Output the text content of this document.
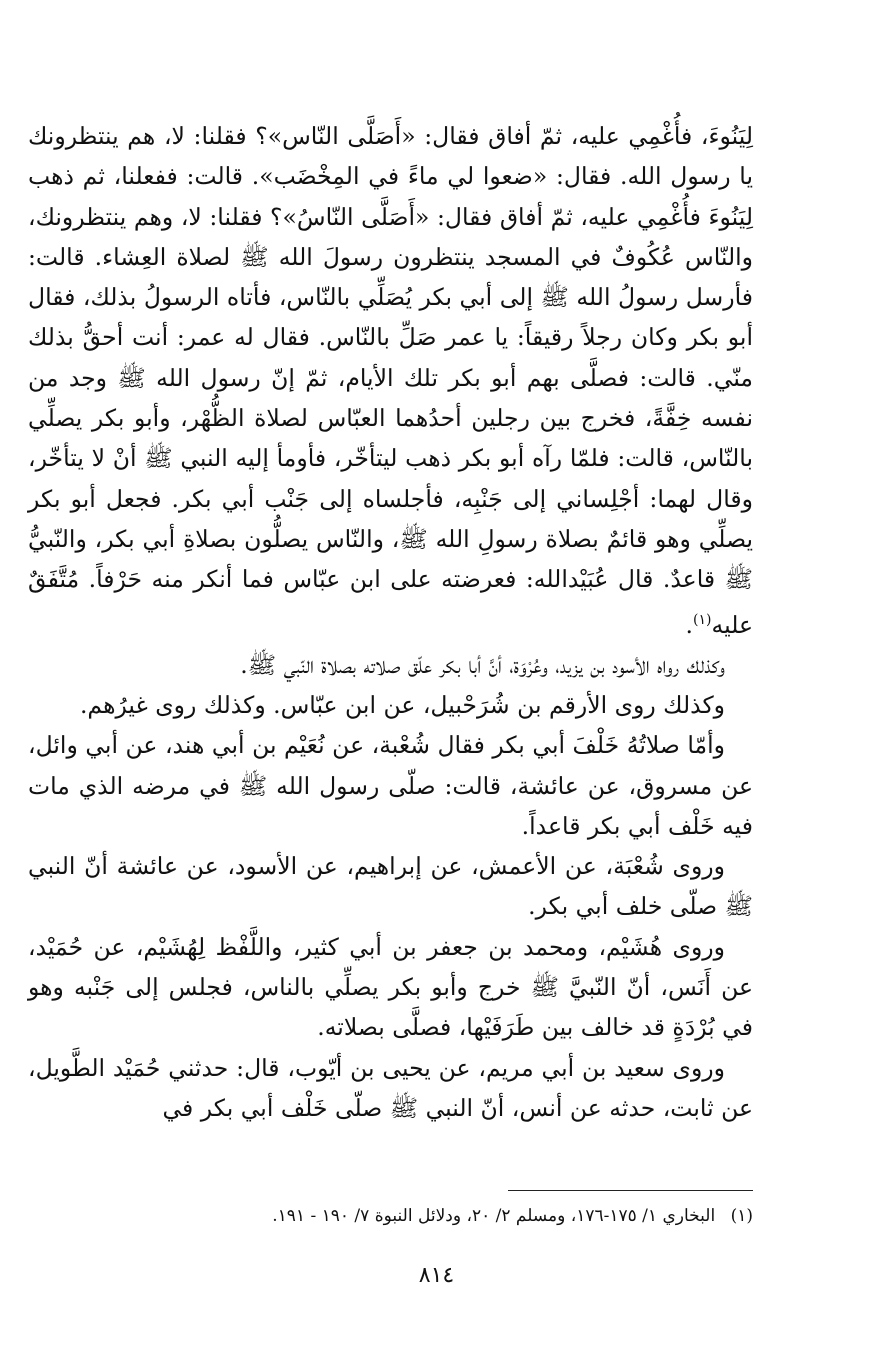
لِيَنُوءَ، فأُغْمِي عليه، ثمّ أفاق فقال: «أَصَلَّى النّاس»؟ فقلنا: لا، هم ينتظرونك يا رسول الله. فقال: «ضعوا لي ماءً في المِخْضَب». قالت: ففعلنا، ثم ذهب لِيَنُوءَ فأُغْمِي عليه، ثمّ أفاق فقال: «أَصَلَّى النّاسُ»؟ فقلنا: لا، وهم ينتظرونك، والنّاس عُكُوفٌ في المسجد ينتظرون رسولَ الله ﷺ لصلاة العِشاء. قالت: فأرسل رسولُ الله ﷺ إلى أبي بكر يُصَلِّي بالنّاس، فأتاه الرسولُ بذلك، فقال أبو بكر وكان رجلاً رقيقاً: يا عمر صَلِّ بالنّاس. فقال له عمر: أنت أحقُّ بذلك منّي. قالت: فصلَّى بهم أبو بكر تلك الأيام، ثمّ إنّ رسول الله ﷺ وجد من نفسه خِفَّةً، فخرج بين رجلين أحدُهما العبّاس لصلاة الظُّهْر، وأبو بكر يصلِّي بالنّاس، قالت: فلمّا رآه أبو بكر ذهب ليتأخّر، فأومأ إليه النبي ﷺ أنْ لا يتأخّر، وقال لهما: أجْلِساني إلى جَنْبِه، فأجلساه إلى جَنْب أبي بكر. فجعل أبو بكر يصلِّي وهو قائمٌ بصلاة رسولِ الله ﷺ، والنّاس يصلُّون بصلاةِ أبي بكر، والنّبيُّ ﷺ قاعدٌ. قال عُبَيْدالله: فعرضته على ابن عبّاس فما أنكر منه حَرْفاً. مُتَّفَقٌ عليه$^{(١)}$.

وكذلك رواه الأسود بن يزيد، وعُرْوَة، أنَّ أبا بكر علّق صلاته بصلاة النّبي ﷺ.

وكذلك روى الأرقم بن شُرَحْبيل، عن ابن عبّاس. وكذلك روى غيرُهم.

وأمّا صلاتُهُ خَلْفَ أبي بكر فقال شُعْبة، عن نُعَيْم بن أبي هند، عن أبي وائل، عن مسروق، عن عائشة، قالت: صلّى رسول الله ﷺ في مرضه الذي مات فيه خَلْف أبي بكر قاعداً.

وروى شُعْبَة، عن الأعمش، عن إبراهيم، عن الأسود، عن عائشة أنّ النبي ﷺ صلّى خلف أبي بكر.

وروى هُشَيْم، ومحمد بن جعفر بن أبي كثير، واللَّفْظ لِهُشَيْم، عن حُمَيْد، عن أَنَس، أنّ النّبيَّ ﷺ خرج وأبو بكر يصلِّي بالناس، فجلس إلى جَنْبه وهو في بُرْدَةٍ قد خالف بين طَرَفَيْها، فصلَّى بصلاته.

وروى سعيد بن أبي مريم، عن يحيى بن أيّوب، قال: حدثني حُمَيْد الطَّويل، عن ثابت، حدثه عن أنس، أنّ النبي ﷺ صلّى خَلْف أبي بكر في

(١) البخاري ١/ ١٧٥-١٧٦، ومسلم ٢/ ٢٠، ودلائل النبوة ٧/ ١٩٠ - ١٩١.
٨١٤
